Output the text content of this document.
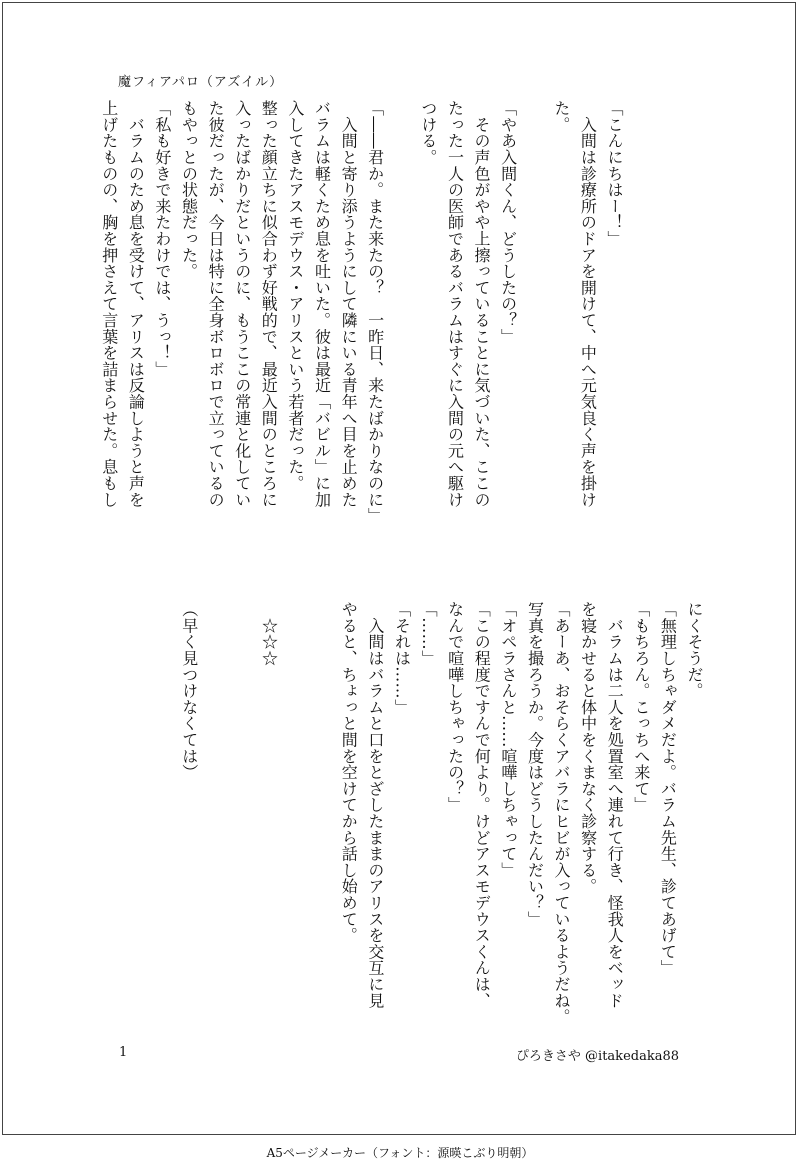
魔フィアパロ（アズイル）
「こんにちはー！」
　入間は診療所のドアを開けて、中へ元気良く声を掛け
た。

「やあ入間くん、どうしたの？」
　その声色がやや上擦っていることに気づいた、ここの
たった一人の医師であるバラムはすぐに入間の元へ駆け
つける。

「――君か。また来たの？　一昨日、来たばかりなのに」
　入間と寄り添うようにして隣にいる青年へ目を止めた
バラムは軽くため息を吐いた。彼は最近「バビル」に加
入してきたアスモデウス・アリスという若者だった。
整った顔立ちに似合わず好戦的で、最近入間のところに
入ったばかりだというのに、もうここの常連と化してい
た彼だったが、今日は特に全身ボロボロで立っているの
もやっとの状態だった。
「私も好きで来たわけでは、うっ！」
　バラムのため息を受けて、アリスは反論しようと声を
上げたものの、胸を押さえて言葉を詰まらせた。息もし
にくそうだ。
「無理しちゃダメだよ。バラム先生、診てあげて」
「もちろん。こっちへ来て」
　バラムは二人を処置室へ連れて行き、怪我人をベッド
を寝かせると体中をくまなく診察する。
「あーあ、おそらくアバラにヒビが入っているようだね。
写真を撮ろうか。今度はどうしたんだい？」
「オペラさんと……喧嘩しちゃって」
「この程度ですんで何より。けどアスモデウスくんは、
なんで喧嘩しちゃったの？」
「……」
「それは……」
　入間はバラムと口をとざしたままのアリスを交互に見
やると、ちょっと間を空けてから話し始めて。

　☆☆☆

（早く見つけなくては）
1	ぴろきさや @itakedaka88
A5ページメーカー（フォント：源暎こぶり明朝）
